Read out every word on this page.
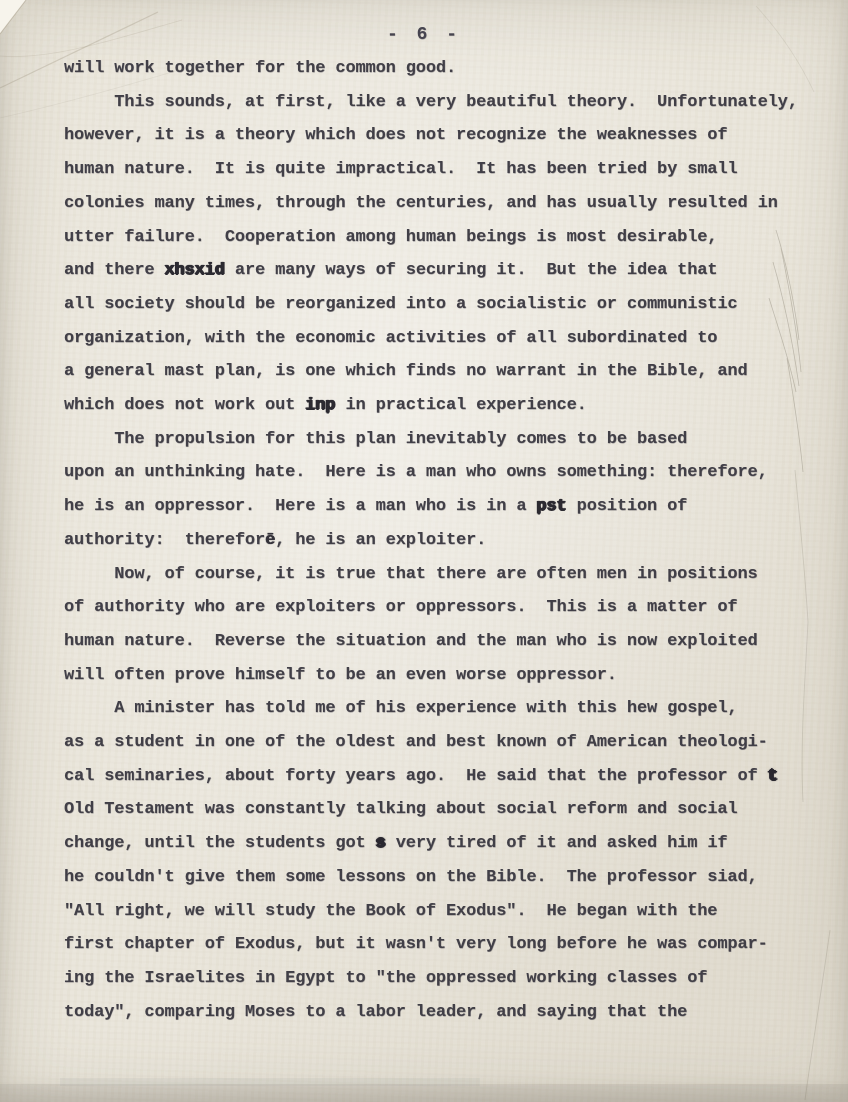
- 6 -
will work together for the common good.
This sounds, at first, like a very beautiful theory.  Unfortunately,
however, it is a theory which does not recognize the weaknesses of
human nature.  It is quite impractical.  It has been tried by small
colonies many times, through the centuries, and has usually resulted in
utter failure.  Cooperation among human beings is most desirable,
and there xhsxid are many ways of securing it.  But the idea that
all society should be reorganized into a socialistic or communistic
organization, with the economic activities of all subordinated to
a general mast plan, is one which finds no warrant in the Bible, and
which does not work out inp in practical experience.
The propulsion for this plan inevitably comes to be based
upon an unthinking hate.  Here is a man who owns something: therefore,
he is an oppressor.  Here is a man who is in a pst position of
authority:  thereforē, he is an exploiter.
Now, of course, it is true that there are often men in positions
of authority who are exploiters or oppressors.  This is a matter of
human nature.  Reverse the situation and the man who is now exploited
will often prove himself to be an even worse oppressor.
A minister has told me of his experience with this hew gospel,
as a student in one of the oldest and best known of American theologi-
cal seminaries, about forty years ago.  He said that the professor of t
Old Testament was constantly talking about social reform and social
change, until the students got s very tired of it and asked him if
he couldn't give them some lessons on the Bible.  The professor siad,
"All right, we will study the Book of Exodus".  He began with the
first chapter of Exodus, but it wasn't very long before he was compar-
ing the Israelites in Egypt to "the oppressed working classes of
today", comparing Moses to a labor leader, and saying that the
